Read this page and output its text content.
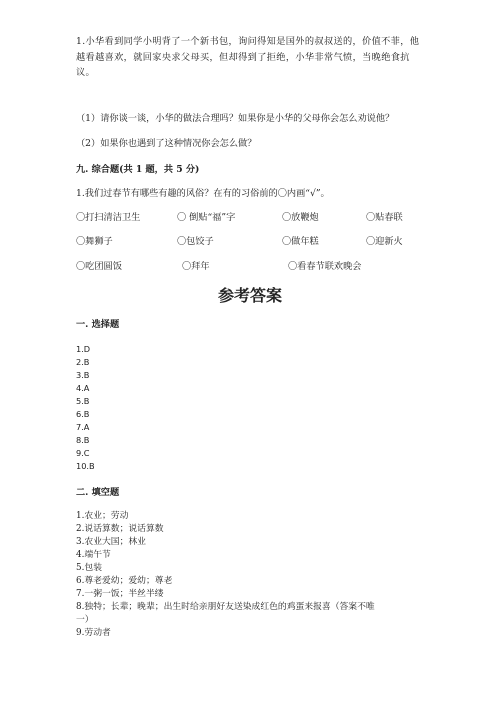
1.小华看到同学小明背了一个新书包，询问得知是国外的叔叔送的，价值不菲，他越看越喜欢，就回家央求父母买，但却得到了拒绝，小华非常气愤，当晚绝食抗议。
（1）请你谈一谈，小华的做法合理吗？如果你是小华的父母你会怎么劝说他？
（2）如果你也遇到了这种情况你会怎么做？
九. 综合题(共 1 题，共 5 分)
1.我们过春节有哪些有趣的风俗？在有的习俗前的〇内画“√”。
〇打扫清洁卫生	〇 倒贴“福”字	〇放鞭炮	〇贴春联
〇舞狮子	〇包饺子	〇做年糕	〇迎新火
〇吃团圆饭	〇拜年	〇看春节联欢晚会
参考答案
一. 选择题
1.D
2.B
3.B
4.A
5.B
6.B
7.A
8.B
9.C
10.B
二. 填空题
1.农业；劳动
2.说话算数；说话算数
3.农业大国；林业
4.端午节
5.包装
6.尊老爱幼；爱幼；尊老
7.一粥一饭；半丝半缕
8.独特；长辈；晚辈；出生时给亲朋好友送染成红色的鸡蛋来报喜（答案不唯
一）
9.劳动者
